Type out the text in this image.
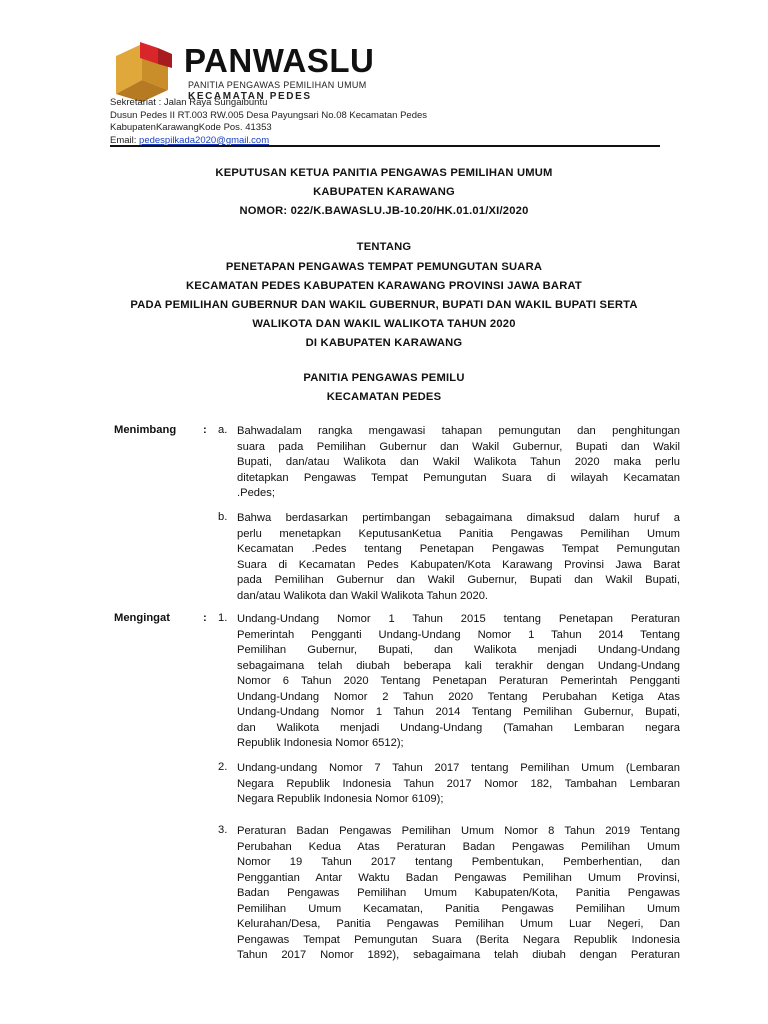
PANWASLU
PANITIA PENGAWAS PEMILIHAN UMUM
KECAMATAN PEDES
Sekretariat : Jalan Raya Sungaibuntu
Dusun Pedes II RT.003 RW.005 Desa Payungsari No.08 Kecamatan Pedes
KabupatenKarawangKode Pos. 41353
Email: pedespilkada2020@gmail.com
KEPUTUSAN KETUA PANITIA PENGAWAS PEMILIHAN UMUM
KABUPATEN KARAWANG
NOMOR: 022/K.BAWASLU.JB-10.20/HK.01.01/XI/2020
TENTANG
PENETAPAN PENGAWAS TEMPAT PEMUNGUTAN SUARA
KECAMATAN PEDES KABUPATEN KARAWANG PROVINSI JAWA BARAT
PADA PEMILIHAN GUBERNUR DAN WAKIL GUBERNUR, BUPATI DAN WAKIL BUPATI SERTA
WALIKOTA DAN WAKIL WALIKOTA TAHUN 2020
DI KABUPATEN KARAWANG
PANITIA PENGAWAS PEMILU
KECAMATAN PEDES
Menimbang : a. Bahwadalam rangka mengawasi tahapan pemungutan dan penghitungan
suara pada Pemilihan Gubernur dan Wakil Gubernur, Bupati dan Wakil
Bupati, dan/atau Walikota dan Wakil Walikota Tahun 2020 maka perlu
ditetapkan Pengawas Tempat Pemungutan Suara di wilayah Kecamatan
.Pedes;
b. Bahwa berdasarkan pertimbangan sebagaimana dimaksud dalam huruf a
perlu menetapkan KeputusanKetua Panitia Pengawas Pemilihan Umum
Kecamatan .Pedes tentang Penetapan Pengawas Tempat Pemungutan
Suara di Kecamatan Pedes Kabupaten/Kota Karawang Provinsi Jawa Barat
pada Pemilihan Gubernur dan Wakil Gubernur, Bupati dan Wakil Bupati,
dan/atau Walikota dan Wakil Walikota Tahun 2020.
Mengingat	: 1. Undang-Undang Nomor 1 Tahun 2015 tentang Penetapan Peraturan
Pemerintah Pengganti Undang-Undang Nomor 1 Tahun 2014 Tentang
Pemilihan Gubernur, Bupati, dan Walikota menjadi Undang-Undang
sebagaimana telah diubah beberapa kali terakhir dengan Undang-Undang
Nomor 6 Tahun 2020 Tentang Penetapan Peraturan Pemerintah Pengganti
Undang-Undang Nomor 2 Tahun 2020 Tentang Perubahan Ketiga Atas
Undang-Undang Nomor 1 Tahun 2014 Tentang Pemilihan Gubernur, Bupati,
dan Walikota menjadi Undang-Undang (Tamahan Lembaran negara
Republik Indonesia Nomor 6512);
2. Undang-undang Nomor 7 Tahun 2017 tentang Pemilihan Umum (Lembaran
Negara Republik Indonesia Tahun 2017 Nomor 182, Tambahan Lembaran
Negara Republik Indonesia Nomor 6109);
3. Peraturan Badan Pengawas Pemilihan Umum Nomor 8 Tahun 2019 Tentang
Perubahan Kedua Atas Peraturan Badan Pengawas Pemilihan Umum
Nomor 19 Tahun 2017 tentang Pembentukan, Pemberhentian, dan
Penggantian Antar Waktu Badan Pengawas Pemilihan Umum Provinsi,
Badan Pengawas Pemilihan Umum Kabupaten/Kota, Panitia Pengawas
Pemilihan Umum Kecamatan, Panitia Pengawas Pemilihan Umum
Kelurahan/Desa, Panitia Pengawas Pemilihan Umum Luar Negeri, Dan
Pengawas Tempat Pemungutan Suara (Berita Negara Republik Indonesia
Tahun 2017 Nomor 1892), sebagaimana telah diubah dengan Peraturan
